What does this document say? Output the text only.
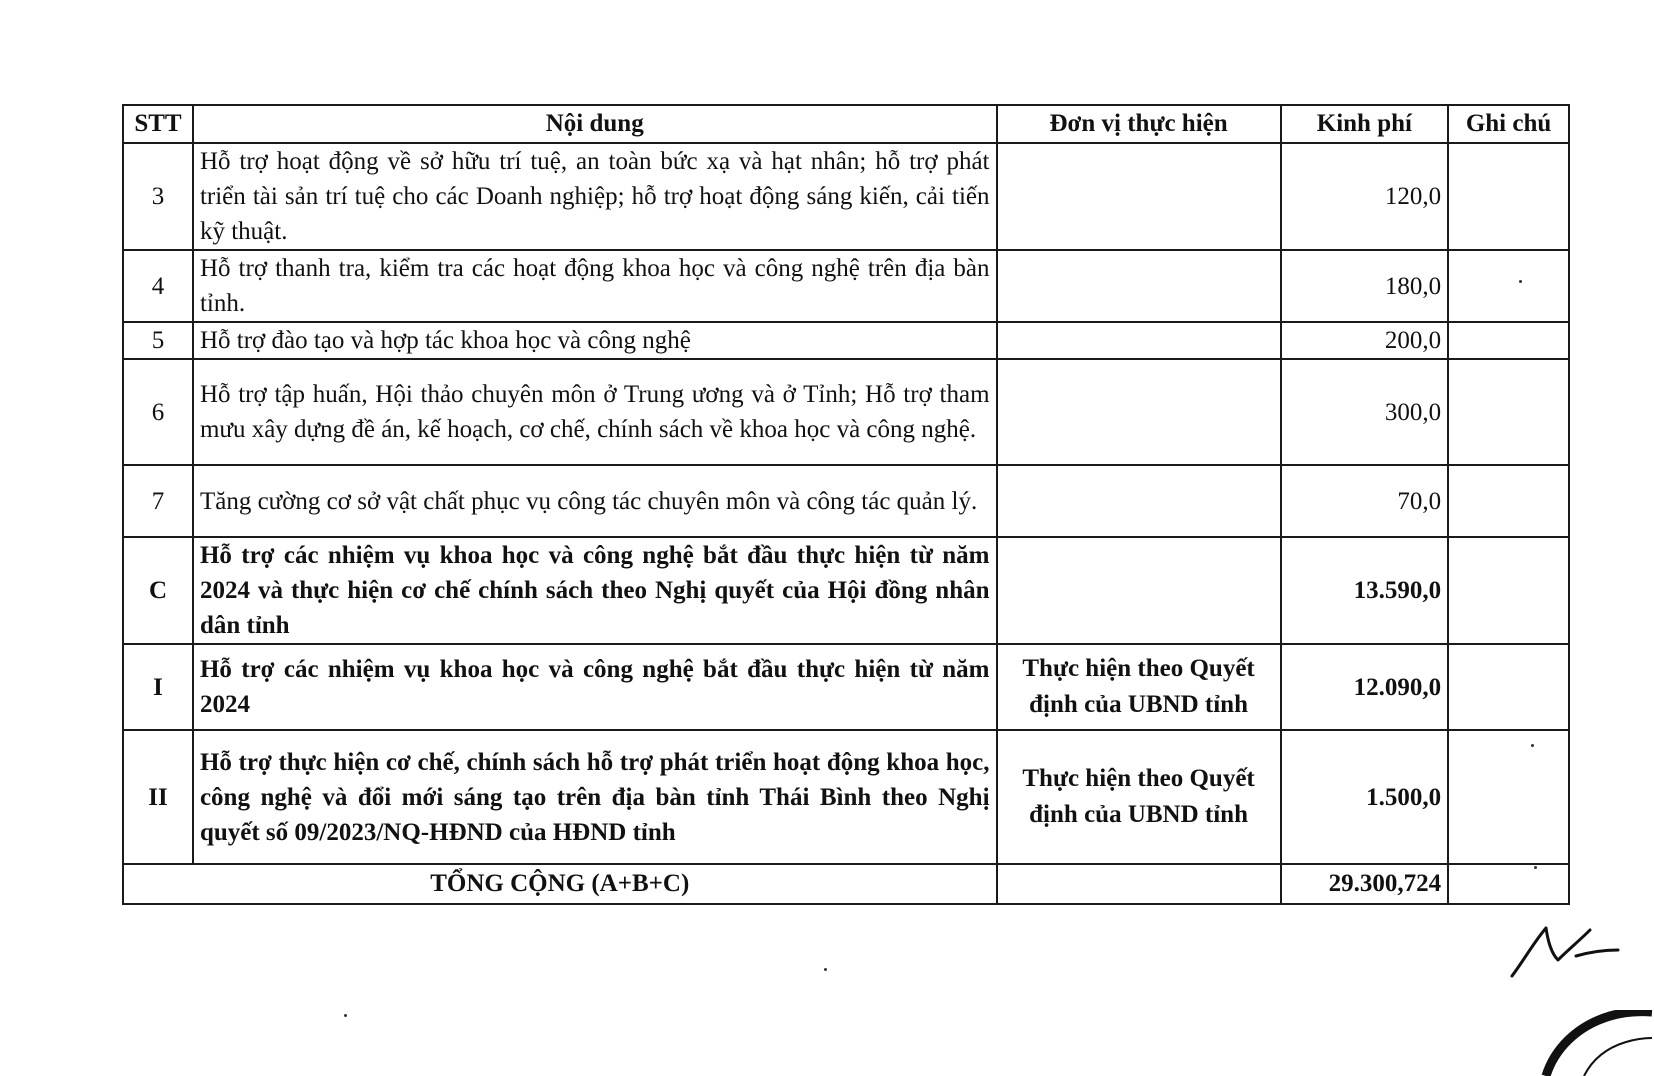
STT	Nội dung	Đơn vị thực hiện	Kinh phí	Ghi chú
3	Hỗ trợ hoạt động về sở hữu trí tuệ, an toàn bức xạ và hạt nhân; hỗ trợ phát triển tài sản trí tuệ cho các Doanh nghiệp; hỗ trợ hoạt động sáng kiến, cải tiến kỹ thuật.		120,0	
4	Hỗ trợ thanh tra, kiểm tra các hoạt động khoa học và công nghệ trên địa bàn tỉnh.		180,0	
5	Hỗ trợ đào tạo và hợp tác khoa học và công nghệ		200,0	
6	Hỗ trợ tập huấn, Hội thảo chuyên môn ở Trung ương và ở Tỉnh; Hỗ trợ tham mưu xây dựng đề án, kế hoạch, cơ chế, chính sách về khoa học và công nghệ.		300,0	
7	Tăng cường cơ sở vật chất phục vụ công tác chuyên môn và công tác quản lý.		70,0	
C	Hỗ trợ các nhiệm vụ khoa học và công nghệ bắt đầu thực hiện từ năm 2024 và thực hiện cơ chế chính sách theo Nghị quyết của Hội đồng nhân dân tỉnh		13.590,0	
I	Hỗ trợ các nhiệm vụ khoa học và công nghệ bắt đầu thực hiện từ năm 2024	Thực hiện theo Quyết định của UBND tỉnh	12.090,0	
II	Hỗ trợ thực hiện cơ chế, chính sách hỗ trợ phát triển hoạt động khoa học, công nghệ và đổi mới sáng tạo trên địa bàn tỉnh Thái Bình theo Nghị quyết số 09/2023/NQ-HĐND của HĐND tỉnh	Thực hiện theo Quyết định của UBND tỉnh	1.500,0	
TỔNG CỘNG (A+B+C)			29.300,724	
